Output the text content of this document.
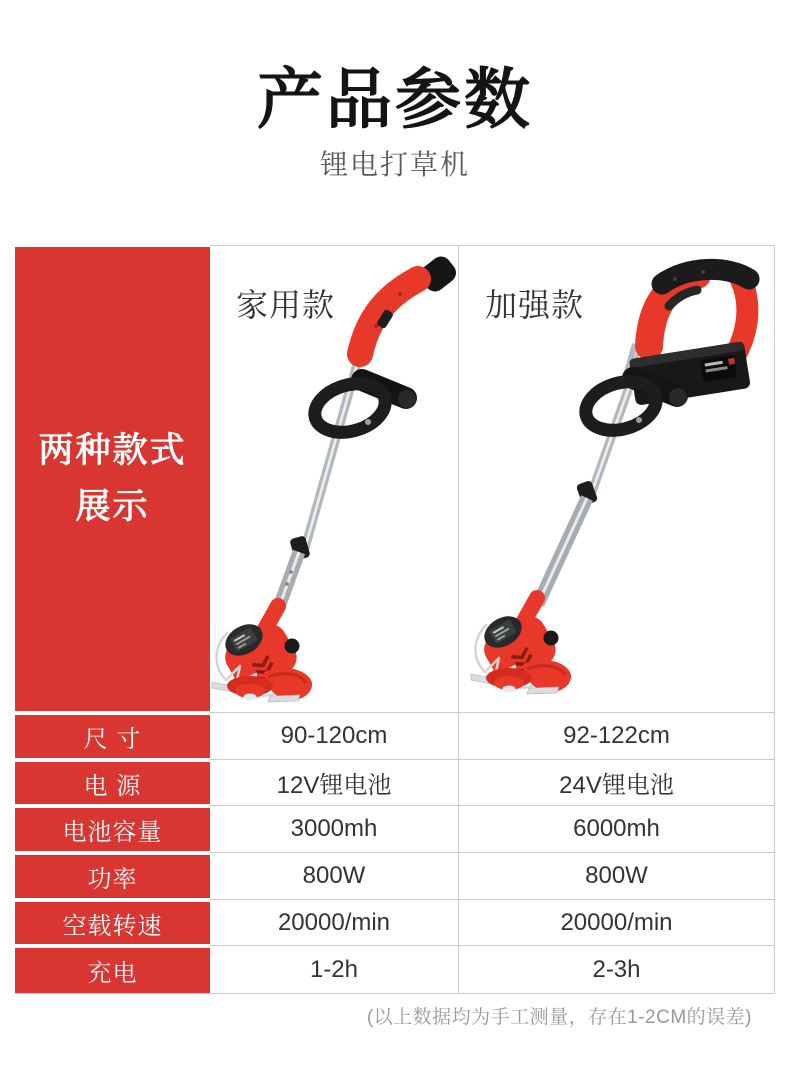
产品参数
锂电打草机
两种款式
展示
家用款	加强款
尺 寸	90-120cm	92-122cm
电 源	12V锂电池	24V锂电池
电池容量	3000mh	6000mh
功率	800W	800W
空载转速	20000/min	20000/min
充电	1-2h	2-3h
(以上数据均为手工测量，存在1-2CM的误差)
